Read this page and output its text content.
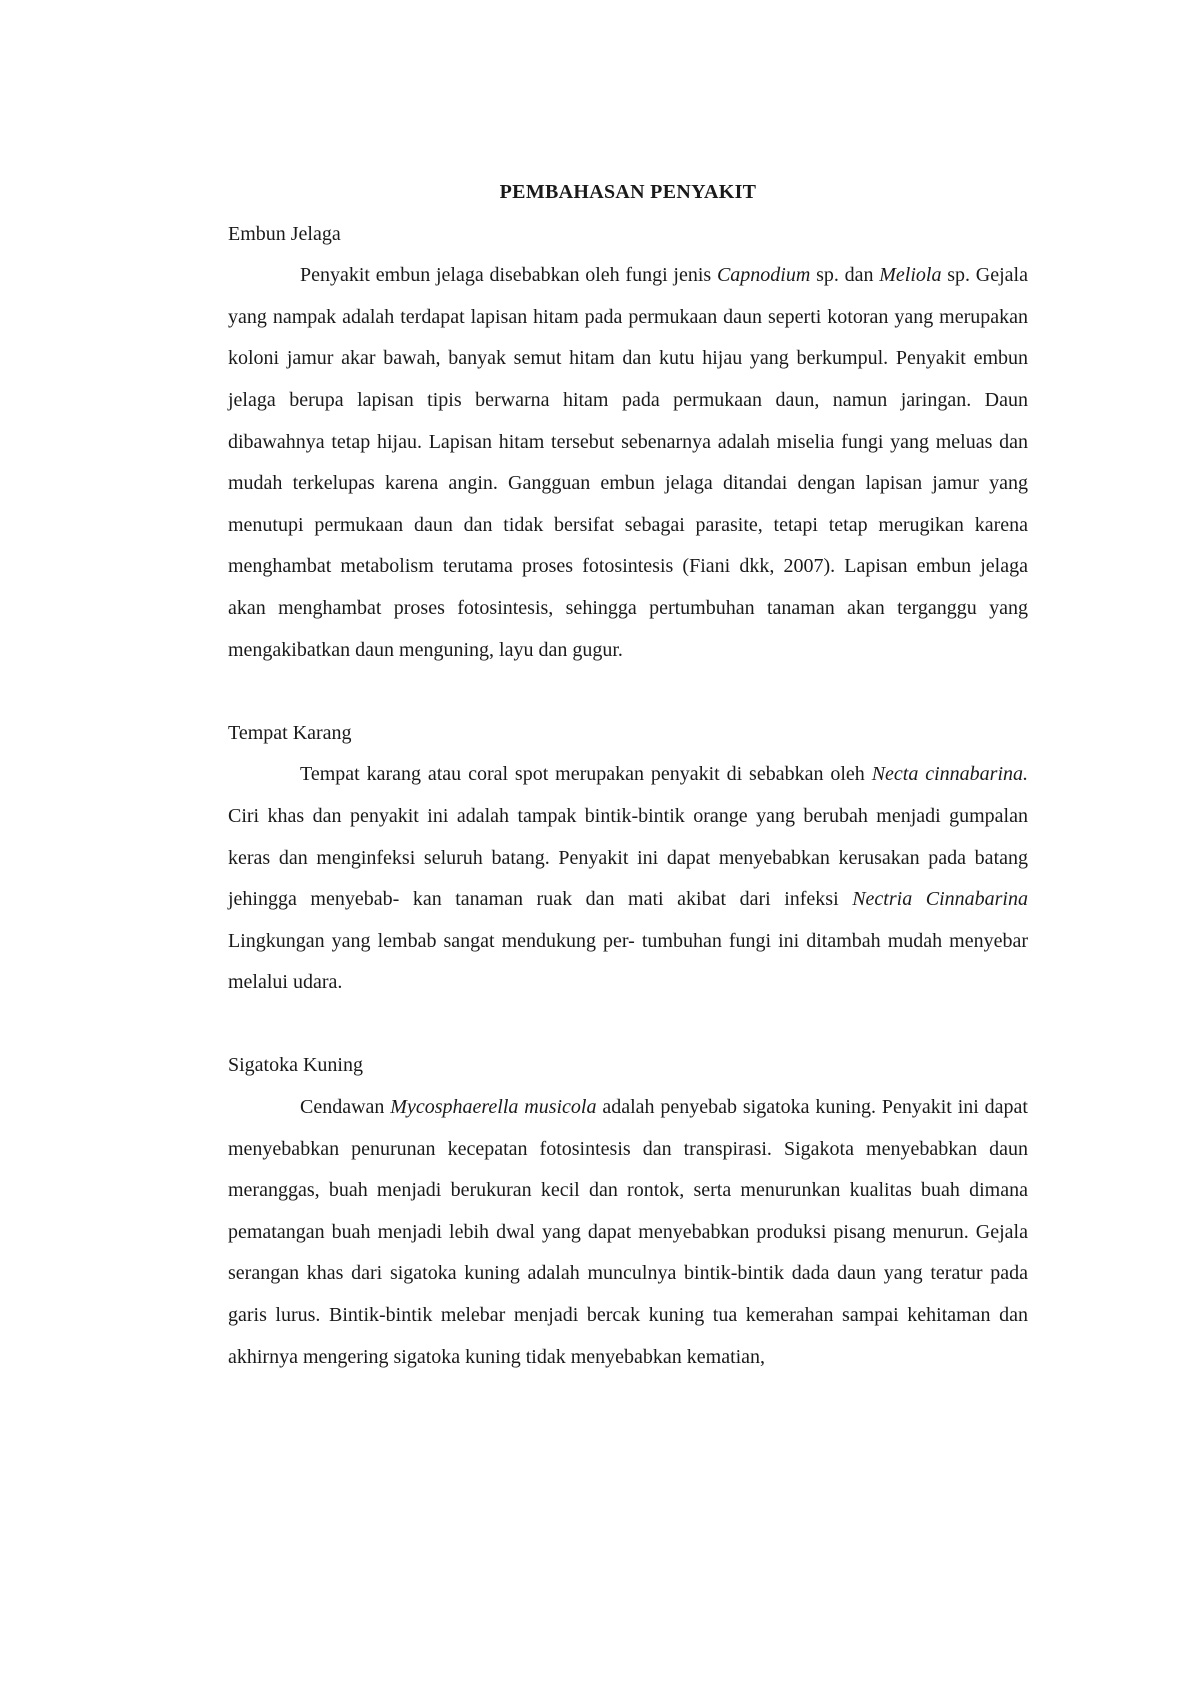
PEMBAHASAN PENYAKIT
Embun Jelaga

Penyakit embun jelaga disebabkan oleh fungi jenis Capnodium sp. dan Meliola sp. Gejala yang nampak adalah terdapat lapisan hitam pada permukaan daun seperti kotoran yang merupakan koloni jamur akar bawah, banyak semut hitam dan kutu hijau yang berkumpul. Penyakit embun jelaga berupa lapisan tipis berwarna hitam pada permukaan daun, namun jaringan. Daun dibawahnya tetap hijau. Lapisan hitam tersebut sebenarnya adalah miselia fungi yang meluas dan mudah terkelupas karena angin. Gangguan embun jelaga ditandai dengan lapisan jamur yang menutupi permukaan daun dan tidak bersifat sebagai parasite, tetapi tetap merugikan karena menghambat metabolism terutama proses fotosintesis (Fiani dkk, 2007). Lapisan embun jelaga akan menghambat proses fotosintesis, sehingga pertumbuhan tanaman akan terganggu yang mengakibatkan daun menguning, layu dan gugur.

Tempat Karang

Tempat karang atau coral spot merupakan penyakit di sebabkan oleh Necta cinnabarina. Ciri khas dan penyakit ini adalah tampak bintik-bintik orange yang berubah menjadi gumpalan keras dan menginfeksi seluruh batang. Penyakit ini dapat menyebabkan kerusakan pada batang jehingga menyebab- kan tanaman ruak dan mati akibat dari infeksi Nectria Cinnabarina Lingkungan yang lembab sangat mendukung per- tumbuhan fungi ini ditambah mudah menyebar melalui udara.

Sigatoka Kuning

Cendawan Mycosphaerella musicola adalah penyebab sigatoka kuning. Penyakit ini dapat menyebabkan penurunan kecepatan fotosintesis dan transpirasi. Sigakota menyebabkan daun meranggas, buah menjadi berukuran kecil dan rontok, serta menurunkan kualitas buah dimana pematangan buah menjadi lebih dwal yang dapat menyebabkan produksi pisang menurun. Gejala serangan khas dari sigatoka kuning adalah munculnya bintik-bintik dada daun yang teratur pada garis lurus. Bintik-bintik melebar menjadi bercak kuning tua kemerahan sampai kehitaman dan akhirnya mengering sigatoka kuning tidak menyebabkan kematian,
